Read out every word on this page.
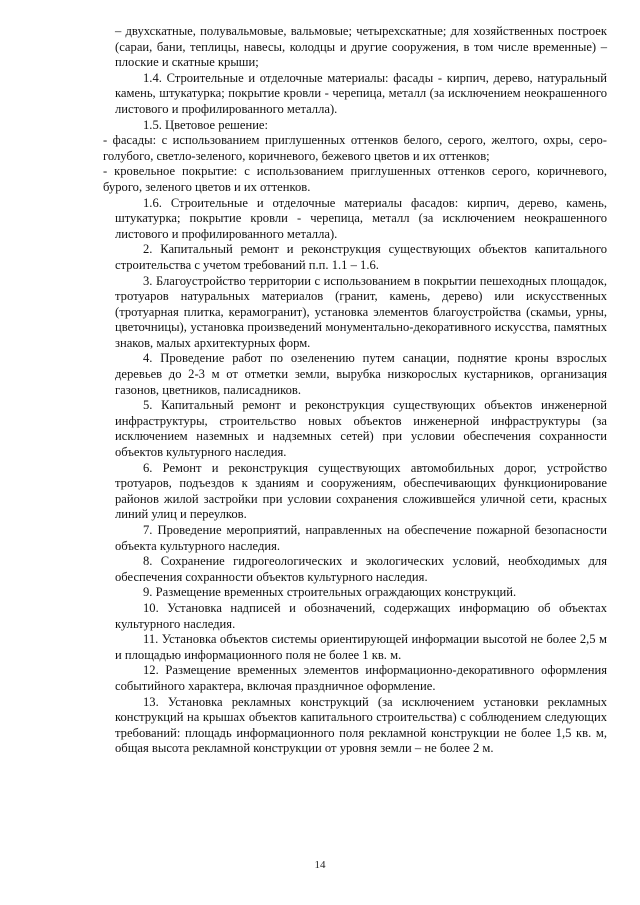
– двухскатные, полувальмовые, вальмовые; четырехскатные; для хозяйственных построек (сараи, бани, теплицы, навесы, колодцы и другие сооружения, в том числе временные) – плоские и скатные крыши;

1.4. Строительные и отделочные материалы: фасады - кирпич, дерево, натуральный камень, штукатурка; покрытие кровли - черепица, металл (за исключением неокрашенного листового и профилированного металла).

1.5. Цветовое решение:

- фасады: с использованием приглушенных оттенков белого, серого, желтого, охры, серо-голубого, светло-зеленого, коричневого, бежевого цветов и их оттенков;

- кровельное покрытие: с использованием приглушенных оттенков серого, коричневого, бурого, зеленого цветов и их оттенков.

1.6. Строительные и отделочные материалы фасадов: кирпич, дерево, камень, штукатурка; покрытие кровли - черепица, металл (за исключением неокрашенного листового и профилированного металла).

2. Капитальный ремонт и реконструкция существующих объектов капитального строительства с учетом требований п.п. 1.1 – 1.6.

3. Благоустройство территории с использованием в покрытии пешеходных площадок, тротуаров натуральных материалов (гранит, камень, дерево) или искусственных (тротуарная плитка, керамогранит), установка элементов благоустройства (скамьи, урны, цветочницы), установка произведений монументально-декоративного искусства, памятных знаков, малых архитектурных форм.

4. Проведение работ по озеленению путем санации, поднятие кроны взрослых деревьев до 2-3 м от отметки земли, вырубка низкорослых кустарников, организация газонов, цветников, палисадников.

5. Капитальный ремонт и реконструкция существующих объектов инженерной инфраструктуры, строительство новых объектов инженерной инфраструктуры (за исключением наземных и надземных сетей) при условии обеспечения сохранности объектов культурного наследия.

6. Ремонт и реконструкция существующих автомобильных дорог, устройство тротуаров, подъездов к зданиям и сооружениям, обеспечивающих функционирование районов жилой застройки при условии сохранения сложившейся уличной сети, красных линий улиц и переулков.

7. Проведение мероприятий, направленных на обеспечение пожарной безопасности объекта культурного наследия.

8. Сохранение гидрогеологических и экологических условий, необходимых для обеспечения сохранности объектов культурного наследия.

9. Размещение временных строительных ограждающих конструкций.

10. Установка надписей и обозначений, содержащих информацию об объектах культурного наследия.

11. Установка объектов системы ориентирующей информации высотой не более 2,5 м и площадью информационного поля не более 1 кв. м.

12. Размещение временных элементов информационно-декоративного оформления событийного характера, включая праздничное оформление.

13. Установка рекламных конструкций (за исключением установки рекламных конструкций на крышах объектов капитального строительства) с соблюдением следующих требований: площадь информационного поля рекламной конструкции не более 1,5 кв. м, общая высота рекламной конструкции от уровня земли – не более 2 м.

14
